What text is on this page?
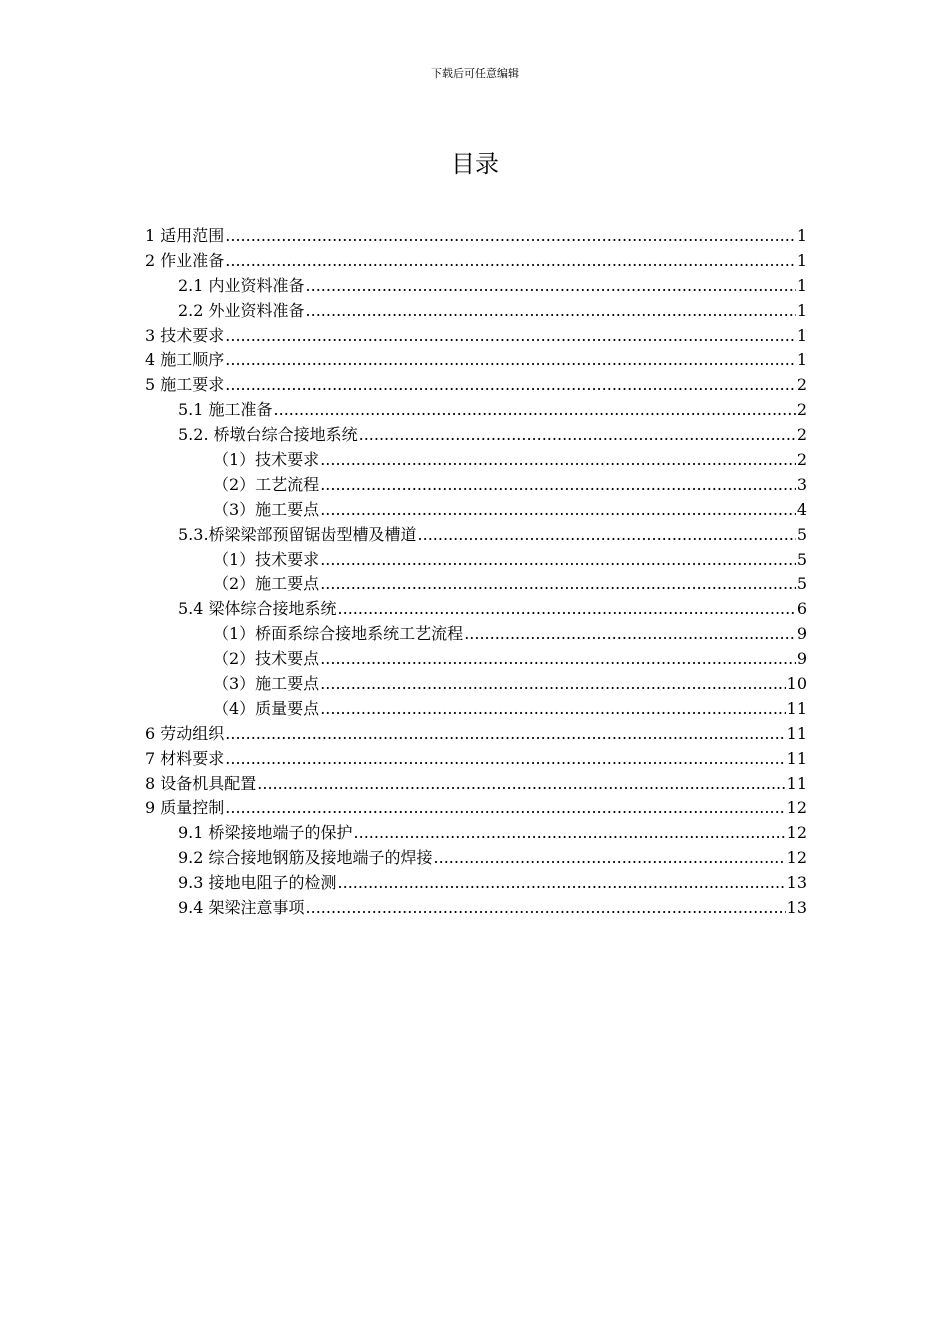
下载后可任意编辑
目录
1 适用范围 .....	1
2 作业准备 .....	1
2.1 内业资料准备 .....	1
2.2 外业资料准备 .....	1
3 技术要求 .....	1
4 施工顺序 .....	1
5 施工要求 .....	2
5.1 施工准备 .....	2
5.2. 桥墩台综合接地系统 .....	2
（1）技术要求 .....	2
（2）工艺流程 .....	3
（3）施工要点 .....	4
5.3.桥梁梁部预留锯齿型槽及槽道 .....	5
（1）技术要求 .....	5
（2）施工要点 .....	5
5.4 梁体综合接地系统 .....	6
（1）桥面系综合接地系统工艺流程 .....	9
（2）技术要点 .....	9
（3）施工要点 .....	10
（4）质量要点 .....	11
6 劳动组织 .....	11
7 材料要求 .....	11
8 设备机具配置 .....	11
9 质量控制 .....	12
9.1 桥梁接地端子的保护 .....	12
9.2 综合接地钢筋及接地端子的焊接 .....	12
9.3 接地电阻子的检测 .....	13
9.4 架梁注意事项 .....	13
